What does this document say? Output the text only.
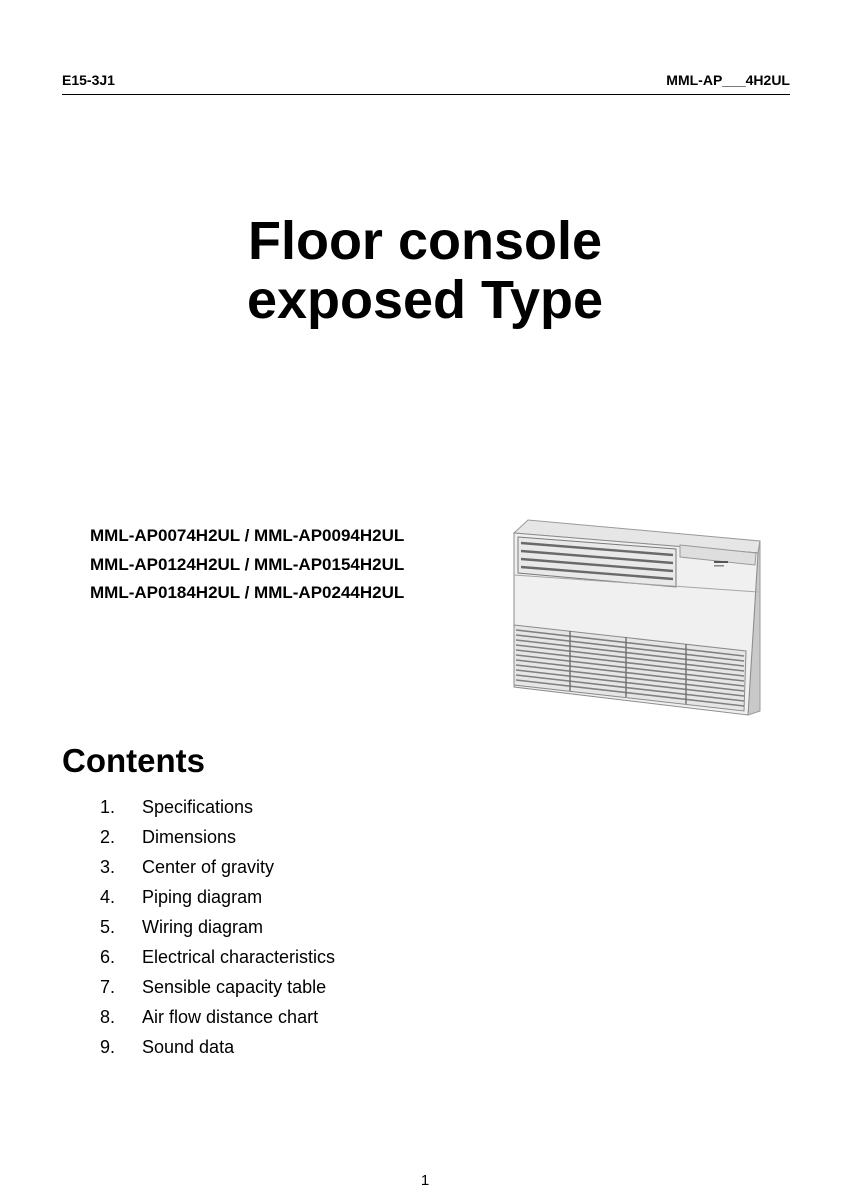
E15-3J1	MML-AP___4H2UL
Floor console
exposed Type
MML-AP0074H2UL / MML-AP0094H2UL
MML-AP0124H2UL / MML-AP0154H2UL
MML-AP0184H2UL / MML-AP0244H2UL
Contents
1. Specifications
2. Dimensions
3. Center of gravity
4. Piping diagram
5. Wiring diagram
6. Electrical characteristics
7. Sensible capacity table
8. Air flow distance chart
9. Sound data
1
